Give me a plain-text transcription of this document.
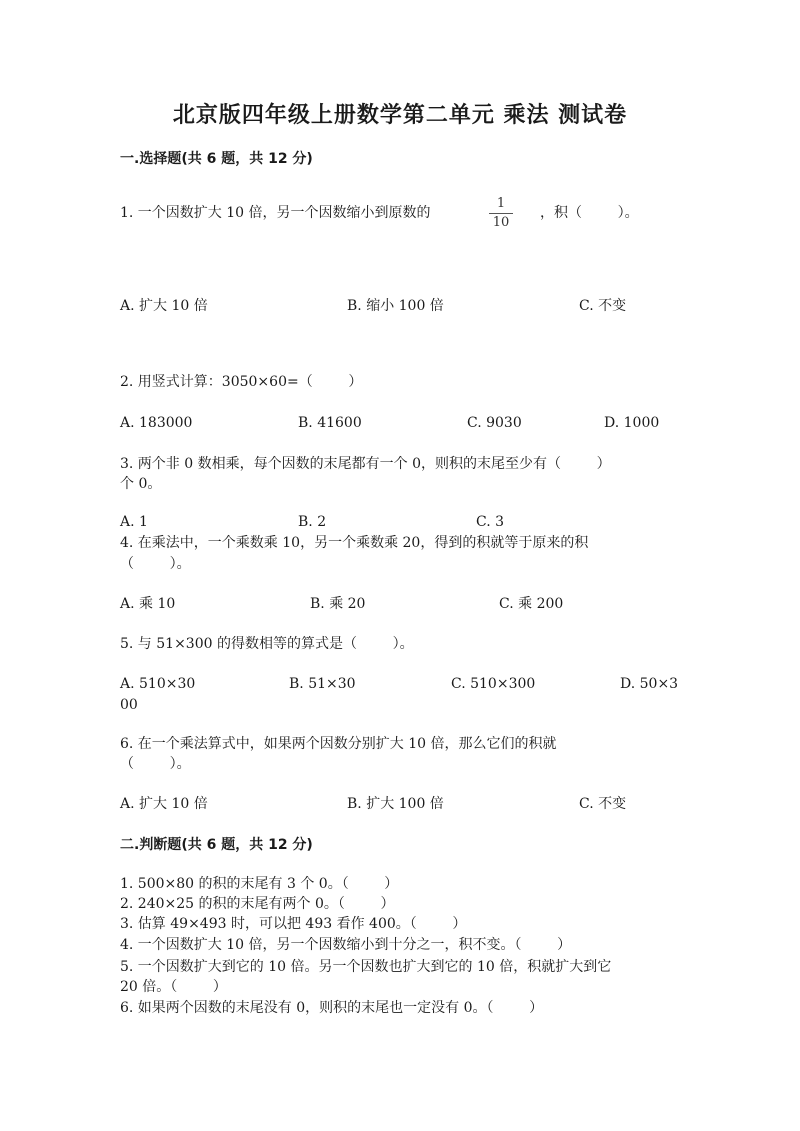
北京版四年级上册数学第二单元 乘法 测试卷
一.选择题(共 6 题，共 12 分)
1. 一个因数扩大 10 倍，另一个因数缩小到原数的
1
10
，积（        ）。
A. 扩大 10 倍	B. 缩小 100 倍	C. 不变
2. 用竖式计算：3050×60=（        ）
A. 183000	B. 41600	C. 9030	D. 1000
3. 两个非 0 数相乘，每个因数的末尾都有一个 0，则积的末尾至少有（        ）
个 0。
A. 1	B. 2	C. 3
4. 在乘法中，一个乘数乘 10，另一个乘数乘 20，得到的积就等于原来的积
（        ）。
A. 乘 10	B. 乘 20	C. 乘 200
5. 与 51×300 的得数相等的算式是（        ）。
A. 510×30	B. 51×30	C. 510×300	D. 50×3
00
6. 在一个乘法算式中，如果两个因数分别扩大 10 倍，那么它们的积就
（        ）。
A. 扩大 10 倍	B. 扩大 100 倍	C. 不变
二.判断题(共 6 题，共 12 分)
1. 500×80 的积的末尾有 3 个 0。（        ）
2. 240×25 的积的末尾有两个 0。（        ）
3. 估算 49×493 时，可以把 493 看作 400。（        ）
4. 一个因数扩大 10 倍，另一个因数缩小到十分之一，积不变。（        ）
5. 一个因数扩大到它的 10 倍。另一个因数也扩大到它的 10 倍，积就扩大到它
20 倍。（        ）
6. 如果两个因数的末尾没有 0，则积的末尾也一定没有 0。（        ）
